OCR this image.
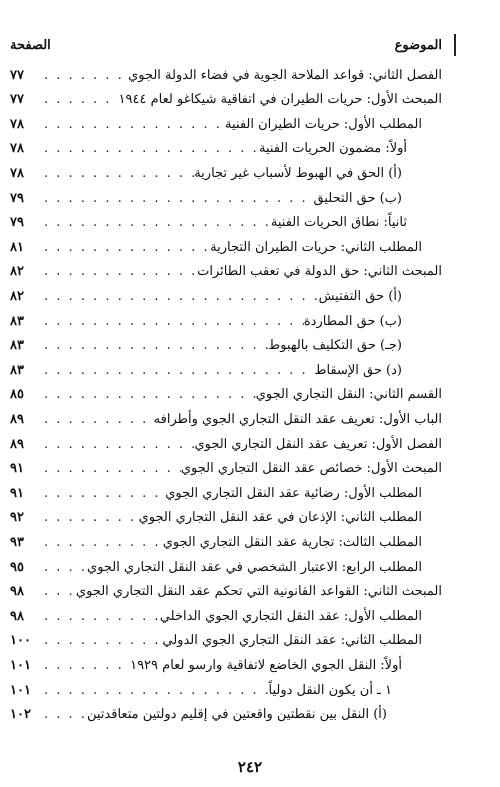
الموضوع
الصفحة
الفصل الثاني: قواعد الملاحة الجوية في فضاء الدولة الجوي
. . .
٧٧
المبحث الأول: حريات الطيران في اتفاقية شيكاغو لعام ١٩٤٤
. . .
٧٧
المطلب الأول: حريات الطيران الفنية
. . .
٧٨
أولاً: مضمون الحريات الفنية
. . .
٧٨
(أ) الحق في الهبوط لأسباب غير تجارية
. . .
٧٨
(ب) حق التحليق
. . .
٧٩
ثانياً: نطاق الحريات الفنية
. . .
٧٩
المطلب الثاني: حريات الطيران التجارية
. . .
٨١
المبحث الثاني: حق الدولة في تعقب الطائرات
. . .
٨٢
(أ) حق التفتيش
. . .
٨٢
(ب) حق المطاردة
. . .
٨٣
(جـ) حق التكليف بالهبوط
. . .
٨٣
(د) حق الإسقاط
. . .
٨٣
القسم الثاني: النقل التجاري الجوي
. . .
٨٥
الباب الأول: تعريف عقد النقل التجاري الجوي وأطرافه
. . .
٨٩
الفصل الأول: تعريف عقد النقل التجاري الجوي
. . .
٨٩
المبحث الأول: خصائص عقد النقل التجاري الجوي
. . .
٩١
المطلب الأول: رضائية عقد النقل التجاري الجوي
. . .
٩١
المطلب الثاني: الإذعان في عقد النقل التجاري الجوي
. . .
٩٢
المطلب الثالث: تجارية عقد النقل التجاري الجوي
. . .
٩٣
المطلب الرابع: الاعتبار الشخصي في عقد النقل التجاري الجوي
. . .
٩٥
المبحث الثاني: القواعد القانونية التي تحكم عقد النقل التجاري الجوي
. . .
٩٨
المطلب الأول: عقد النقل التجاري الجوي الداخلي
. . .
٩٨
المطلب الثاني: عقد النقل التجاري الجوي الدولي
. . .
١٠٠
أولاً: النقل الجوي الخاضع لاتفاقية وارسو لعام ١٩٢٩
. . .
١٠١
١ ـ أن يكون النقل دولياً
. . .
١٠١
(أ) النقل بين نقطتين واقعتين في إقليم دولتين متعاقدتين
. . .
١٠٢
٢٤٢
